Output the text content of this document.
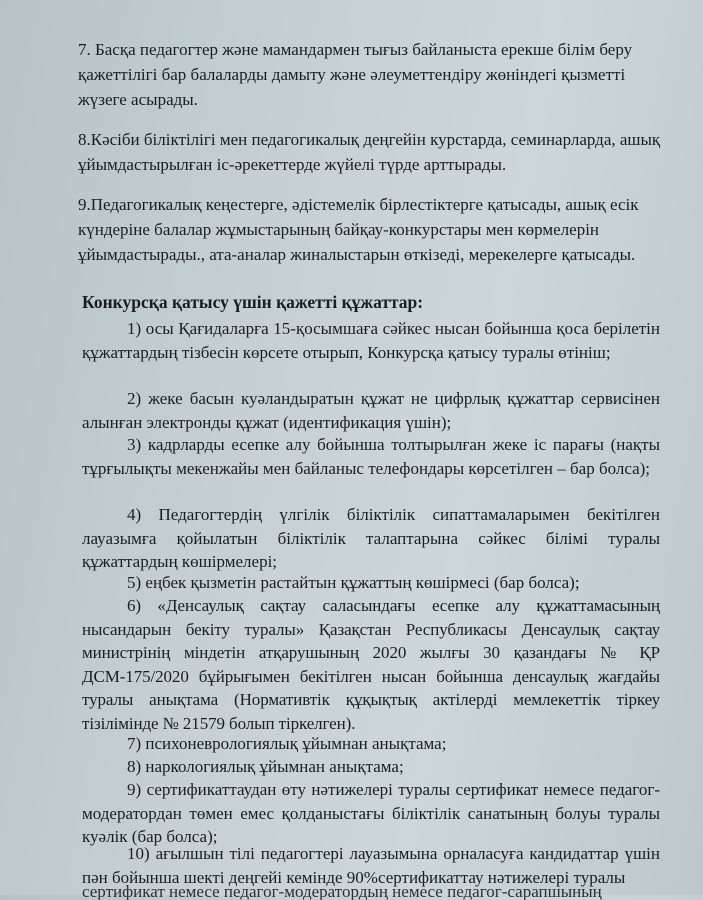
7. Басқа педагогтер және мамандармен тығыз байланыста ерекше білім беру қажеттілігі бар балаларды дамыту және әлеуметтендіру жөніндегі қызметті жүзеге асырады.

8.Кәсіби біліктілігі мен педагогикалық деңгейін курстарда, семинарларда, ашық ұйымдастырылған іс-әрекеттерде жүйелі түрде арттырады.

9.Педагогикалық кеңестерге, әдістемелік бірлестіктерге қатысады, ашық есік күндеріне балалар жұмыстарының байқау-конкурстары мен көрмелерін ұйымдастырады., ата-аналар жиналыстарын өткізеді, мерекелерге қатысады.

Конкурсқа қатысу үшін қажетті құжаттар:

1) осы Қағидаларға 15-қосымшаға сәйкес нысан бойынша қоса берілетін құжаттардың тізбесін көрсете отырып, Конкурсқа қатысу туралы өтініш;

2) жеке басын куәландыратын құжат не цифрлық құжаттар сервисінен алынған электронды құжат (идентификация үшін);

3) кадрларды есепке алу бойынша толтырылған жеке іс парағы (нақты тұрғылықты мекенжайы мен байланыс телефондары көрсетілген – бар болса);

4) Педагогтердің үлгілік біліктілік сипаттамаларымен бекітілген лауазымға қойылатын біліктілік талаптарына сәйкес білімі туралы құжаттардың көшірмелері;

5) еңбек қызметін растайтын құжаттың көшірмесі (бар болса);

6) «Денсаулық сақтау саласындағы есепке алу құжаттамасының нысандарын бекіту туралы» Қазақстан Республикасы Денсаулық сақтау министрінің міндетін атқарушының 2020 жылғы 30 қазандағы № ҚР ДСМ-175/2020 бұйрығымен бекітілген нысан бойынша денсаулық жағдайы туралы анықтама (Нормативтік құқықтық актілерді мемлекеттік тіркеу тізілімінде № 21579 болып тіркелген).

7) психоневрологиялық ұйымнан анықтама;

8) наркологиялық ұйымнан анықтама;

9) сертификаттаудан өту нәтижелері туралы сертификат немесе педагог-модератордан төмен емес қолданыстағы біліктілік санатының болуы туралы куәлік (бар болса);

10) ағылшын тілі педагогтері лауазымына орналасуға кандидаттар үшін пән бойынша шекті деңгейі кемінде 90%сертификаттау нәтижелері туралы

сертификат немесе педагог-модератордың немесе педагог-сарапшының
